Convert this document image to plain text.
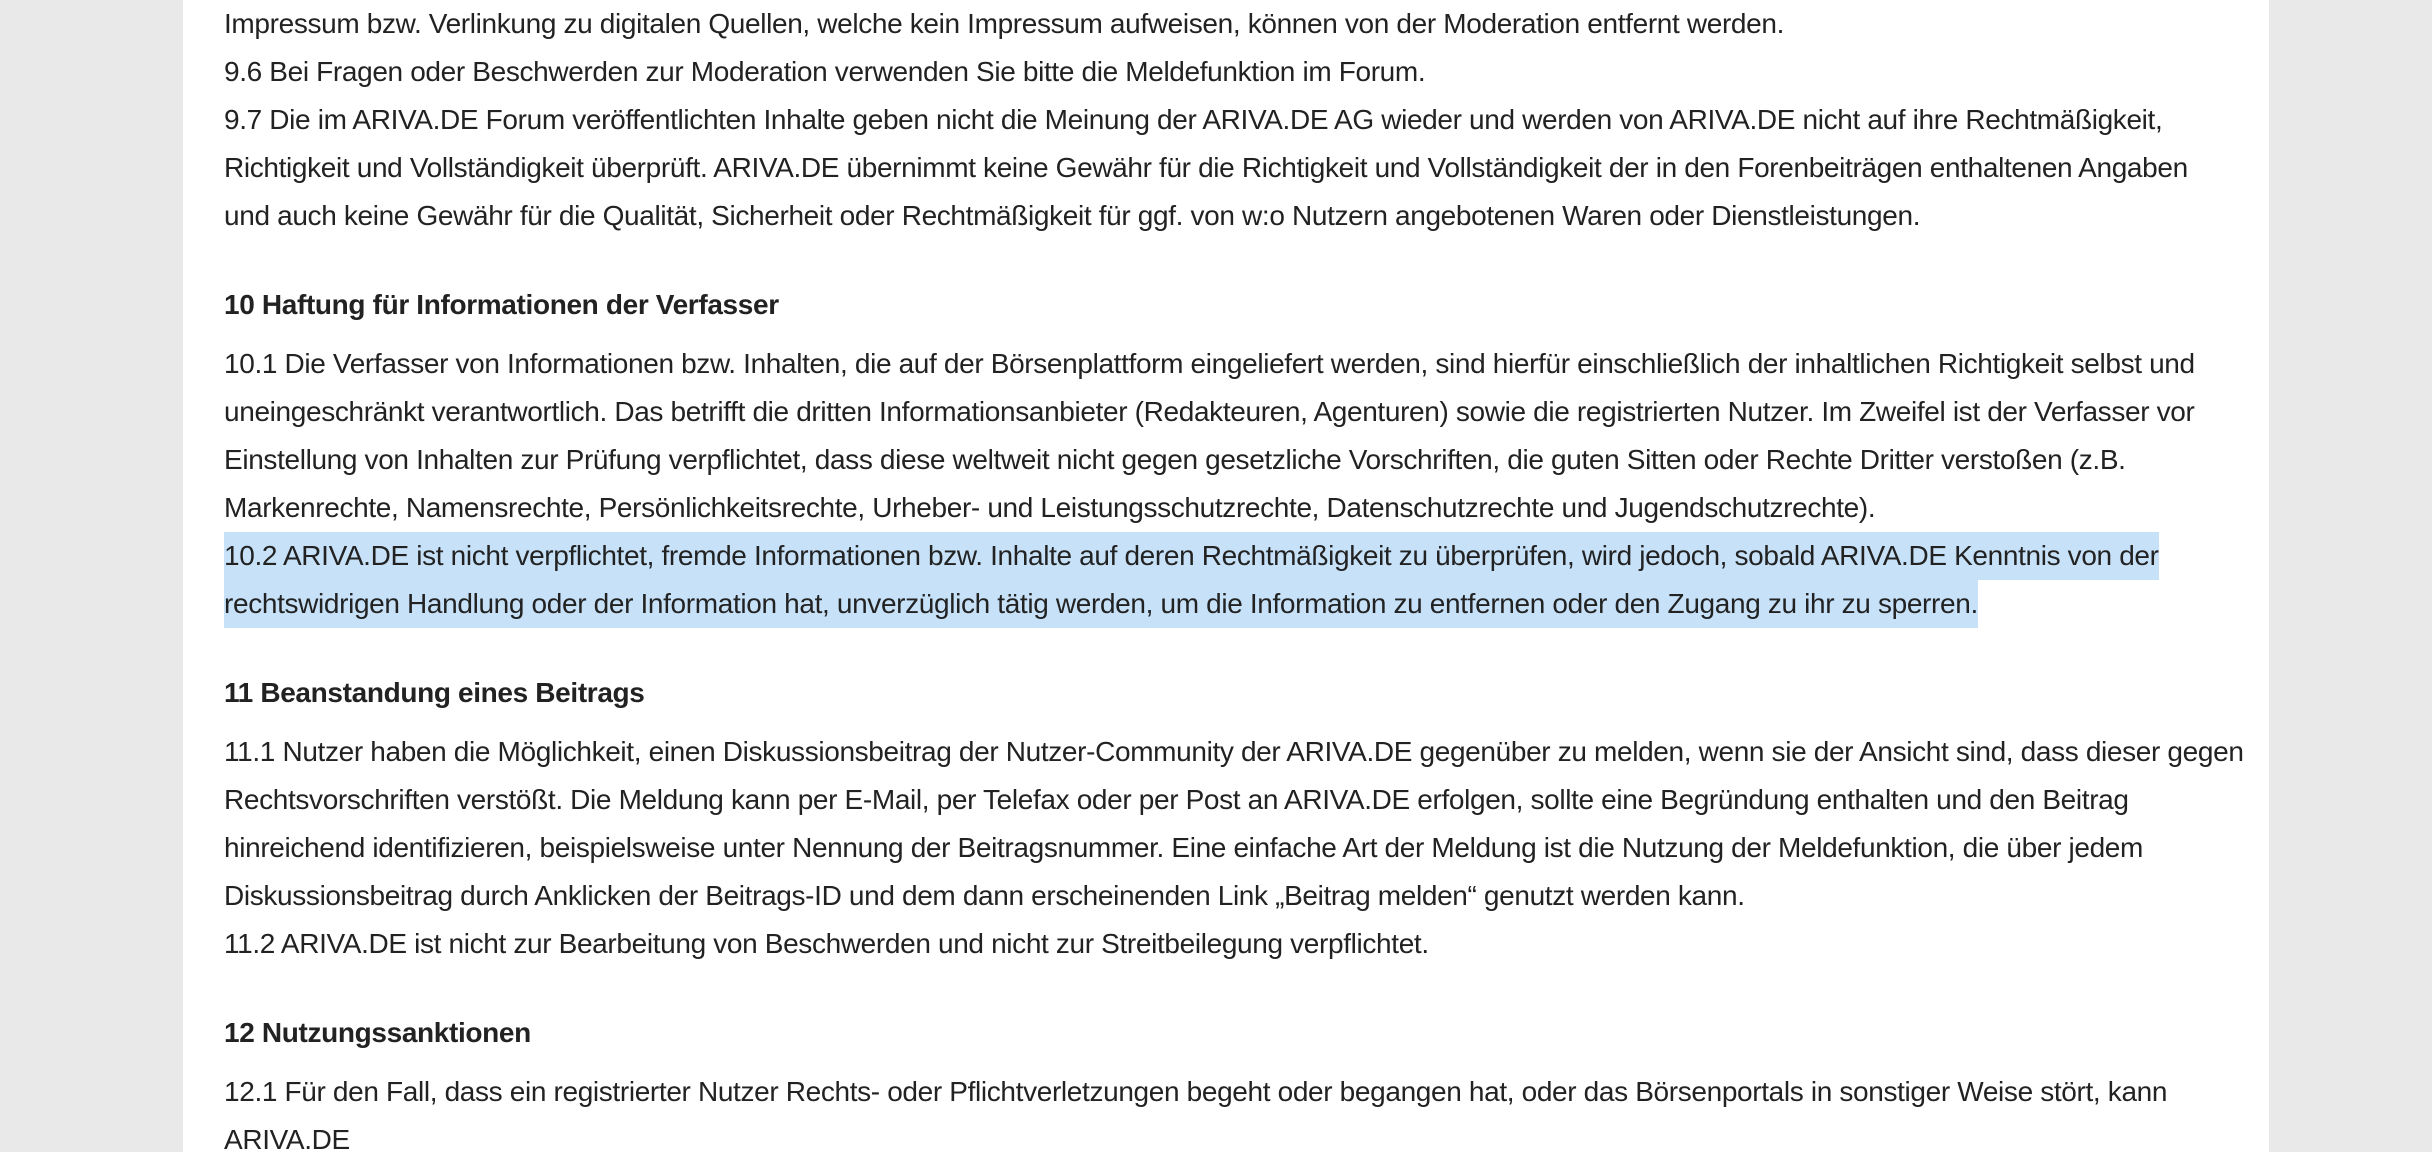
Impressum bzw. Verlinkung zu digitalen Quellen, welche kein Impressum aufweisen, können von der Moderation entfernt werden.
9.6 Bei Fragen oder Beschwerden zur Moderation verwenden Sie bitte die Meldefunktion im Forum.
9.7 Die im ARIVA.DE Forum veröffentlichten Inhalte geben nicht die Meinung der ARIVA.DE AG wieder und werden von ARIVA.DE nicht auf ihre Rechtmäßigkeit,
Richtigkeit und Vollständigkeit überprüft. ARIVA.DE übernimmt keine Gewähr für die Richtigkeit und Vollständigkeit der in den Forenbeiträgen enthaltenen Angaben
und auch keine Gewähr für die Qualität, Sicherheit oder Rechtmäßigkeit für ggf. von w:o Nutzern angebotenen Waren oder Dienstleistungen.
10 Haftung für Informationen der Verfasser
10.1 Die Verfasser von Informationen bzw. Inhalten, die auf der Börsenplattform eingeliefert werden, sind hierfür einschließlich der inhaltlichen Richtigkeit selbst und
uneingeschränkt verantwortlich. Das betrifft die dritten Informationsanbieter (Redakteuren, Agenturen) sowie die registrierten Nutzer. Im Zweifel ist der Verfasser vor
Einstellung von Inhalten zur Prüfung verpflichtet, dass diese weltweit nicht gegen gesetzliche Vorschriften, die guten Sitten oder Rechte Dritter verstoßen (z.B.
Markenrechte, Namensrechte, Persönlichkeitsrechte, Urheber- und Leistungsschutzrechte, Datenschutzrechte und Jugendschutzrechte).
10.2 ARIVA.DE ist nicht verpflichtet, fremde Informationen bzw. Inhalte auf deren Rechtmäßigkeit zu überprüfen, wird jedoch, sobald ARIVA.DE Kenntnis von der
rechtswidrigen Handlung oder der Information hat, unverzüglich tätig werden, um die Information zu entfernen oder den Zugang zu ihr zu sperren.
11 Beanstandung eines Beitrags
11.1 Nutzer haben die Möglichkeit, einen Diskussionsbeitrag der Nutzer-Community der ARIVA.DE gegenüber zu melden, wenn sie der Ansicht sind, dass dieser gegen
Rechtsvorschriften verstößt. Die Meldung kann per E-Mail, per Telefax oder per Post an ARIVA.DE erfolgen, sollte eine Begründung enthalten und den Beitrag
hinreichend identifizieren, beispielsweise unter Nennung der Beitragsnummer. Eine einfache Art der Meldung ist die Nutzung der Meldefunktion, die über jedem
Diskussionsbeitrag durch Anklicken der Beitrags-ID und dem dann erscheinenden Link „Beitrag melden“ genutzt werden kann.
11.2 ARIVA.DE ist nicht zur Bearbeitung von Beschwerden und nicht zur Streitbeilegung verpflichtet.
12 Nutzungssanktionen
12.1 Für den Fall, dass ein registrierter Nutzer Rechts- oder Pflichtverletzungen begeht oder begangen hat, oder das Börsenportals in sonstiger Weise stört, kann
ARIVA.DE
